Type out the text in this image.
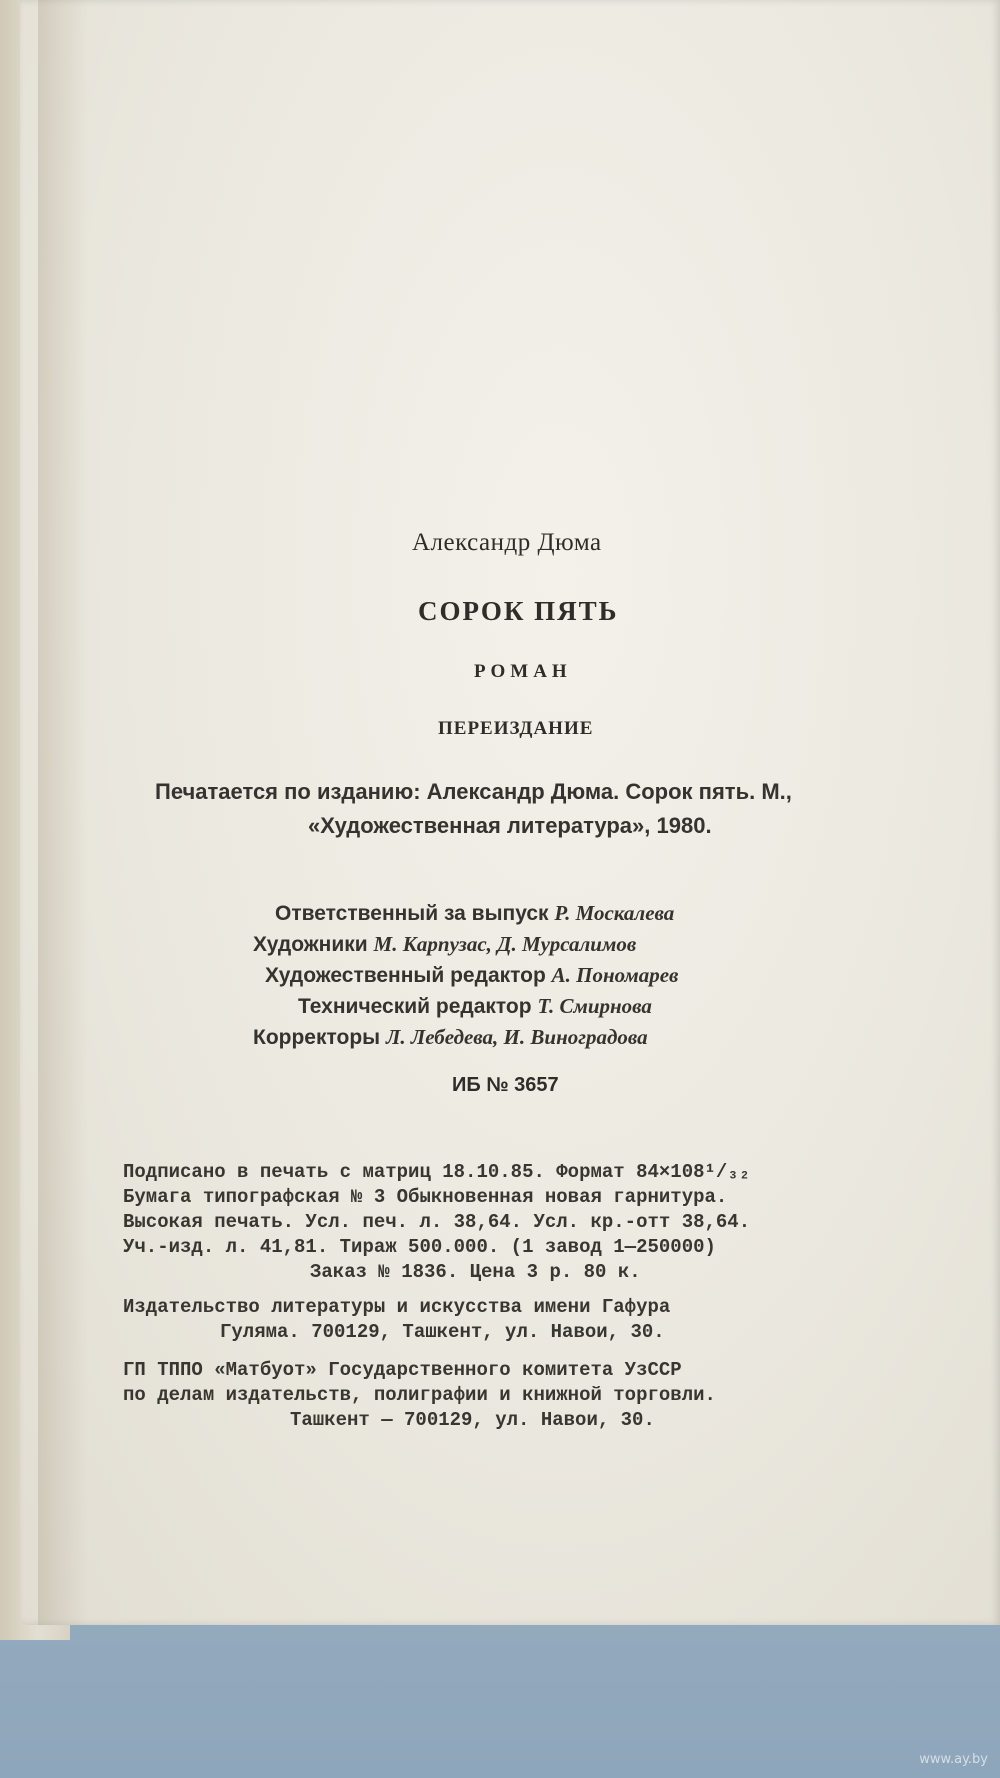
Александр Дюма

СОРОК ПЯТЬ

РОМАН

ПЕРЕИЗДАНИЕ

Печатается по изданию: Александр Дюма. Сорок пять. М.,

«Художественная литература», 1980.

Ответственный за выпуск Р. Москалева

Художники М. Карпузас, Д. Мурсалимов

Художественный редактор А. Пономарев

Технический редактор Т. Смирнова

Корректоры Л. Лебедева, И. Виноградова

ИБ № 3657

Подписано в печать с матриц 18.10.85. Формат 84×108¹/₃₂

Бумага типографская № 3 Обыкновенная новая гарнитура.

Высокая печать. Усл. печ. л. 38,64. Усл. кр.-отт 38,64.

Уч.-изд. л. 41,81. Тираж 500.000. (1 завод 1—250000)

Заказ № 1836. Цена 3 р. 80 к.

Издательство литературы и искусства имени Гафура

Гуляма. 700129, Ташкент, ул. Навои, 30.

ГП ТППО «Матбуот» Государственного комитета УзССР

по делам издательств, полиграфии и книжной торговли.

Ташкент — 700129, ул. Навои, 30.

www.ay.by
